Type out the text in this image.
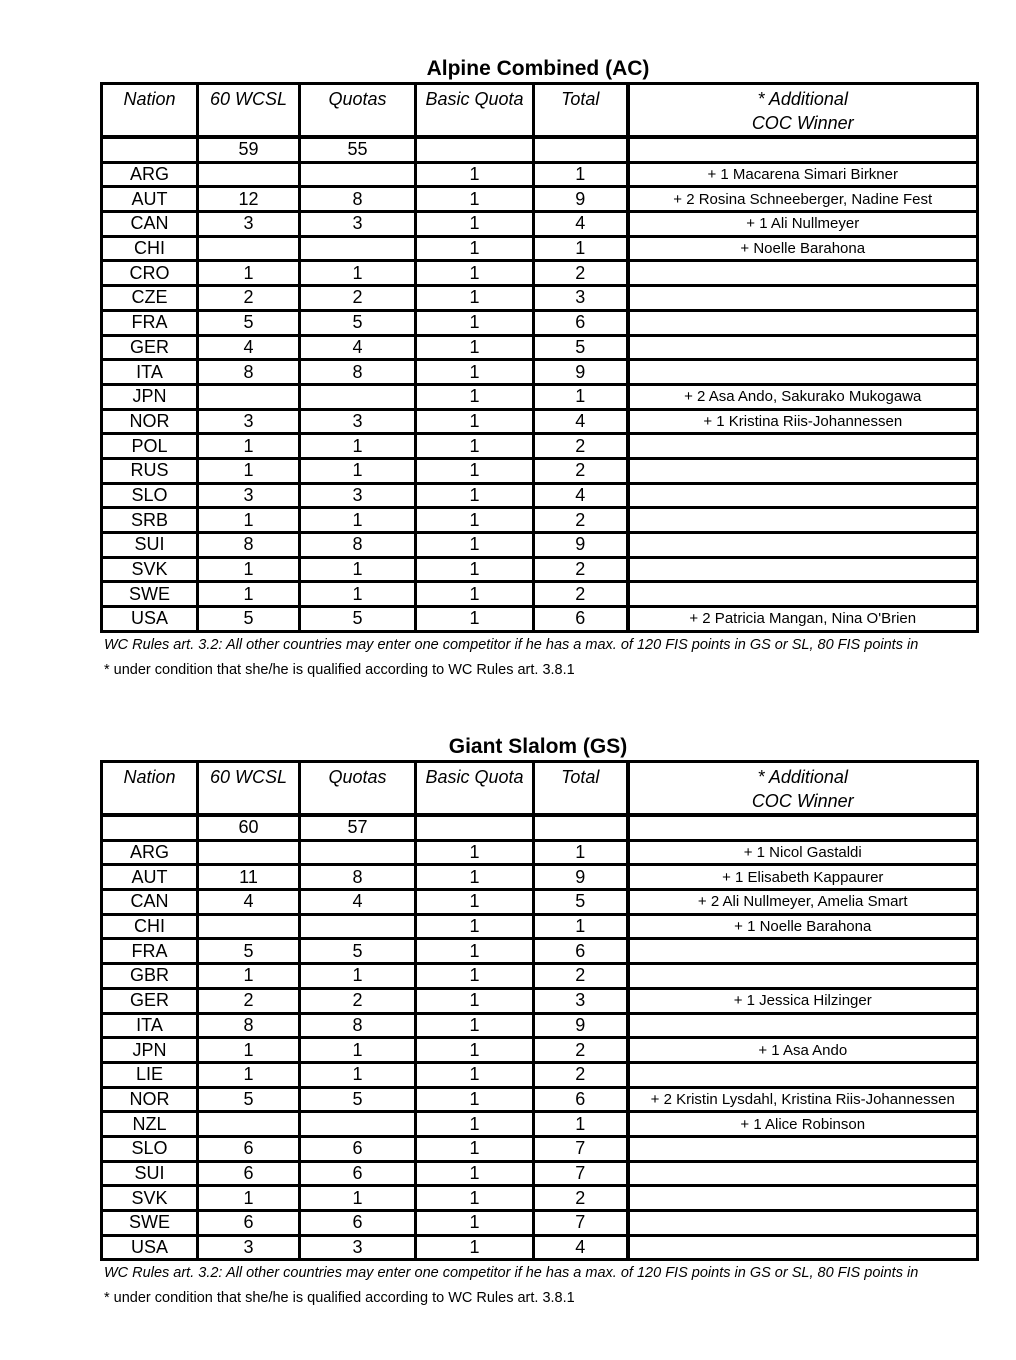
Alpine Combined (AC)
Nation	60 WCSL	Quotas	Basic Quota	Total	* Additional
COC Winner
	59	55			
ARG			1	1	+ 1 Macarena Simari Birkner
AUT	12	8	1	9	+ 2 Rosina Schneeberger, Nadine Fest
CAN	3	3	1	4	+ 1 Ali Nullmeyer
CHI			1	1	+ Noelle Barahona
CRO	1	1	1	2	
CZE	2	2	1	3	
FRA	5	5	1	6	
GER	4	4	1	5	
ITA	8	8	1	9	
JPN			1	1	+ 2 Asa Ando, Sakurako Mukogawa
NOR	3	3	1	4	+ 1 Kristina Riis-Johannessen
POL	1	1	1	2	
RUS	1	1	1	2	
SLO	3	3	1	4	
SRB	1	1	1	2	
SUI	8	8	1	9	
SVK	1	1	1	2	
SWE	1	1	1	2	
USA	5	5	1	6	+ 2 Patricia Mangan, Nina O'Brien
WC Rules art. 3.2: All other countries may enter one competitor if he has a max. of 120 FIS points in GS or SL, 80 FIS points in
* under condition that she/he is qualified according to WC Rules art. 3.8.1
Giant Slalom (GS)
Nation	60 WCSL	Quotas	Basic Quota	Total	* Additional
COC Winner
	60	57			
ARG			1	1	+ 1 Nicol Gastaldi
AUT	11	8	1	9	+ 1 Elisabeth Kappaurer
CAN	4	4	1	5	+ 2 Ali Nullmeyer, Amelia Smart
CHI			1	1	+ 1 Noelle Barahona
FRA	5	5	1	6	
GBR	1	1	1	2	
GER	2	2	1	3	+ 1 Jessica Hilzinger
ITA	8	8	1	9	
JPN	1	1	1	2	+ 1 Asa Ando
LIE	1	1	1	2	
NOR	5	5	1	6	+ 2 Kristin Lysdahl, Kristina Riis-Johannessen
NZL			1	1	+ 1 Alice Robinson
SLO	6	6	1	7	
SUI	6	6	1	7	
SVK	1	1	1	2	
SWE	6	6	1	7	
USA	3	3	1	4	
WC Rules art. 3.2: All other countries may enter one competitor if he has a max. of 120 FIS points in GS or SL, 80 FIS points in
* under condition that she/he is qualified according to WC Rules art. 3.8.1
